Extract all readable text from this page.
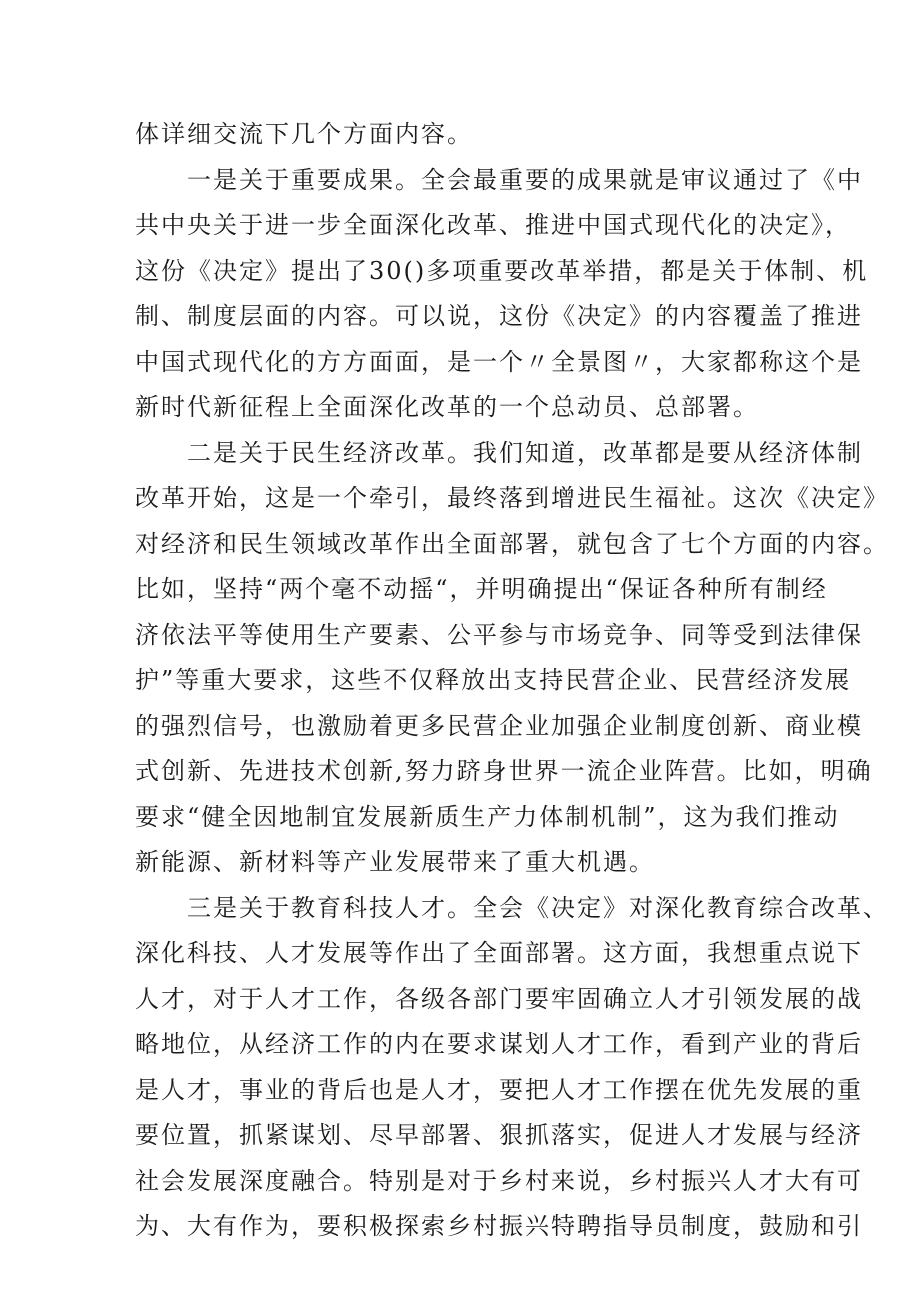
体详细交流下几个方面内容。
一是关于重要成果。全会最重要的成果就是审议通过了《中
共中央关于进一步全面深化改革、推进中国式现代化的决定》，
这份《决定》提出了30()多项重要改革举措，都是关于体制、机
制、制度层面的内容。可以说，这份《决定》的内容覆盖了推进
中国式现代化的方方面面，是一个〃全景图〃，大家都称这个是
新时代新征程上全面深化改革的一个总动员、总部署。
二是关于民生经济改革。我们知道，改革都是要从经济体制
改革开始，这是一个牵引，最终落到增进民生福祉。这次《决定》
对经济和民生领域改革作出全面部署，就包含了七个方面的内容。
比如，坚持“两个毫不动摇“，并明确提出“保证各种所有制经
济依法平等使用生产要素、公平参与市场竞争、同等受到法律保
护”等重大要求，这些不仅释放出支持民营企业、民营经济发展
的强烈信号，也激励着更多民营企业加强企业制度创新、商业模
式创新、先进技术创新,努力跻身世界一流企业阵营。比如，明确
要求“健全因地制宜发展新质生产力体制机制”，这为我们推动
新能源、新材料等产业发展带来了重大机遇。
三是关于教育科技人才。全会《决定》对深化教育综合改革、
深化科技、人才发展等作出了全面部署。这方面，我想重点说下
人才，对于人才工作，各级各部门要牢固确立人才引领发展的战
略地位，从经济工作的内在要求谋划人才工作，看到产业的背后
是人才，事业的背后也是人才，要把人才工作摆在优先发展的重
要位置，抓紧谋划、尽早部署、狠抓落实，促进人才发展与经济
社会发展深度融合。特别是对于乡村来说，乡村振兴人才大有可
为、大有作为，要积极探索乡村振兴特聘指导员制度，鼓励和引
